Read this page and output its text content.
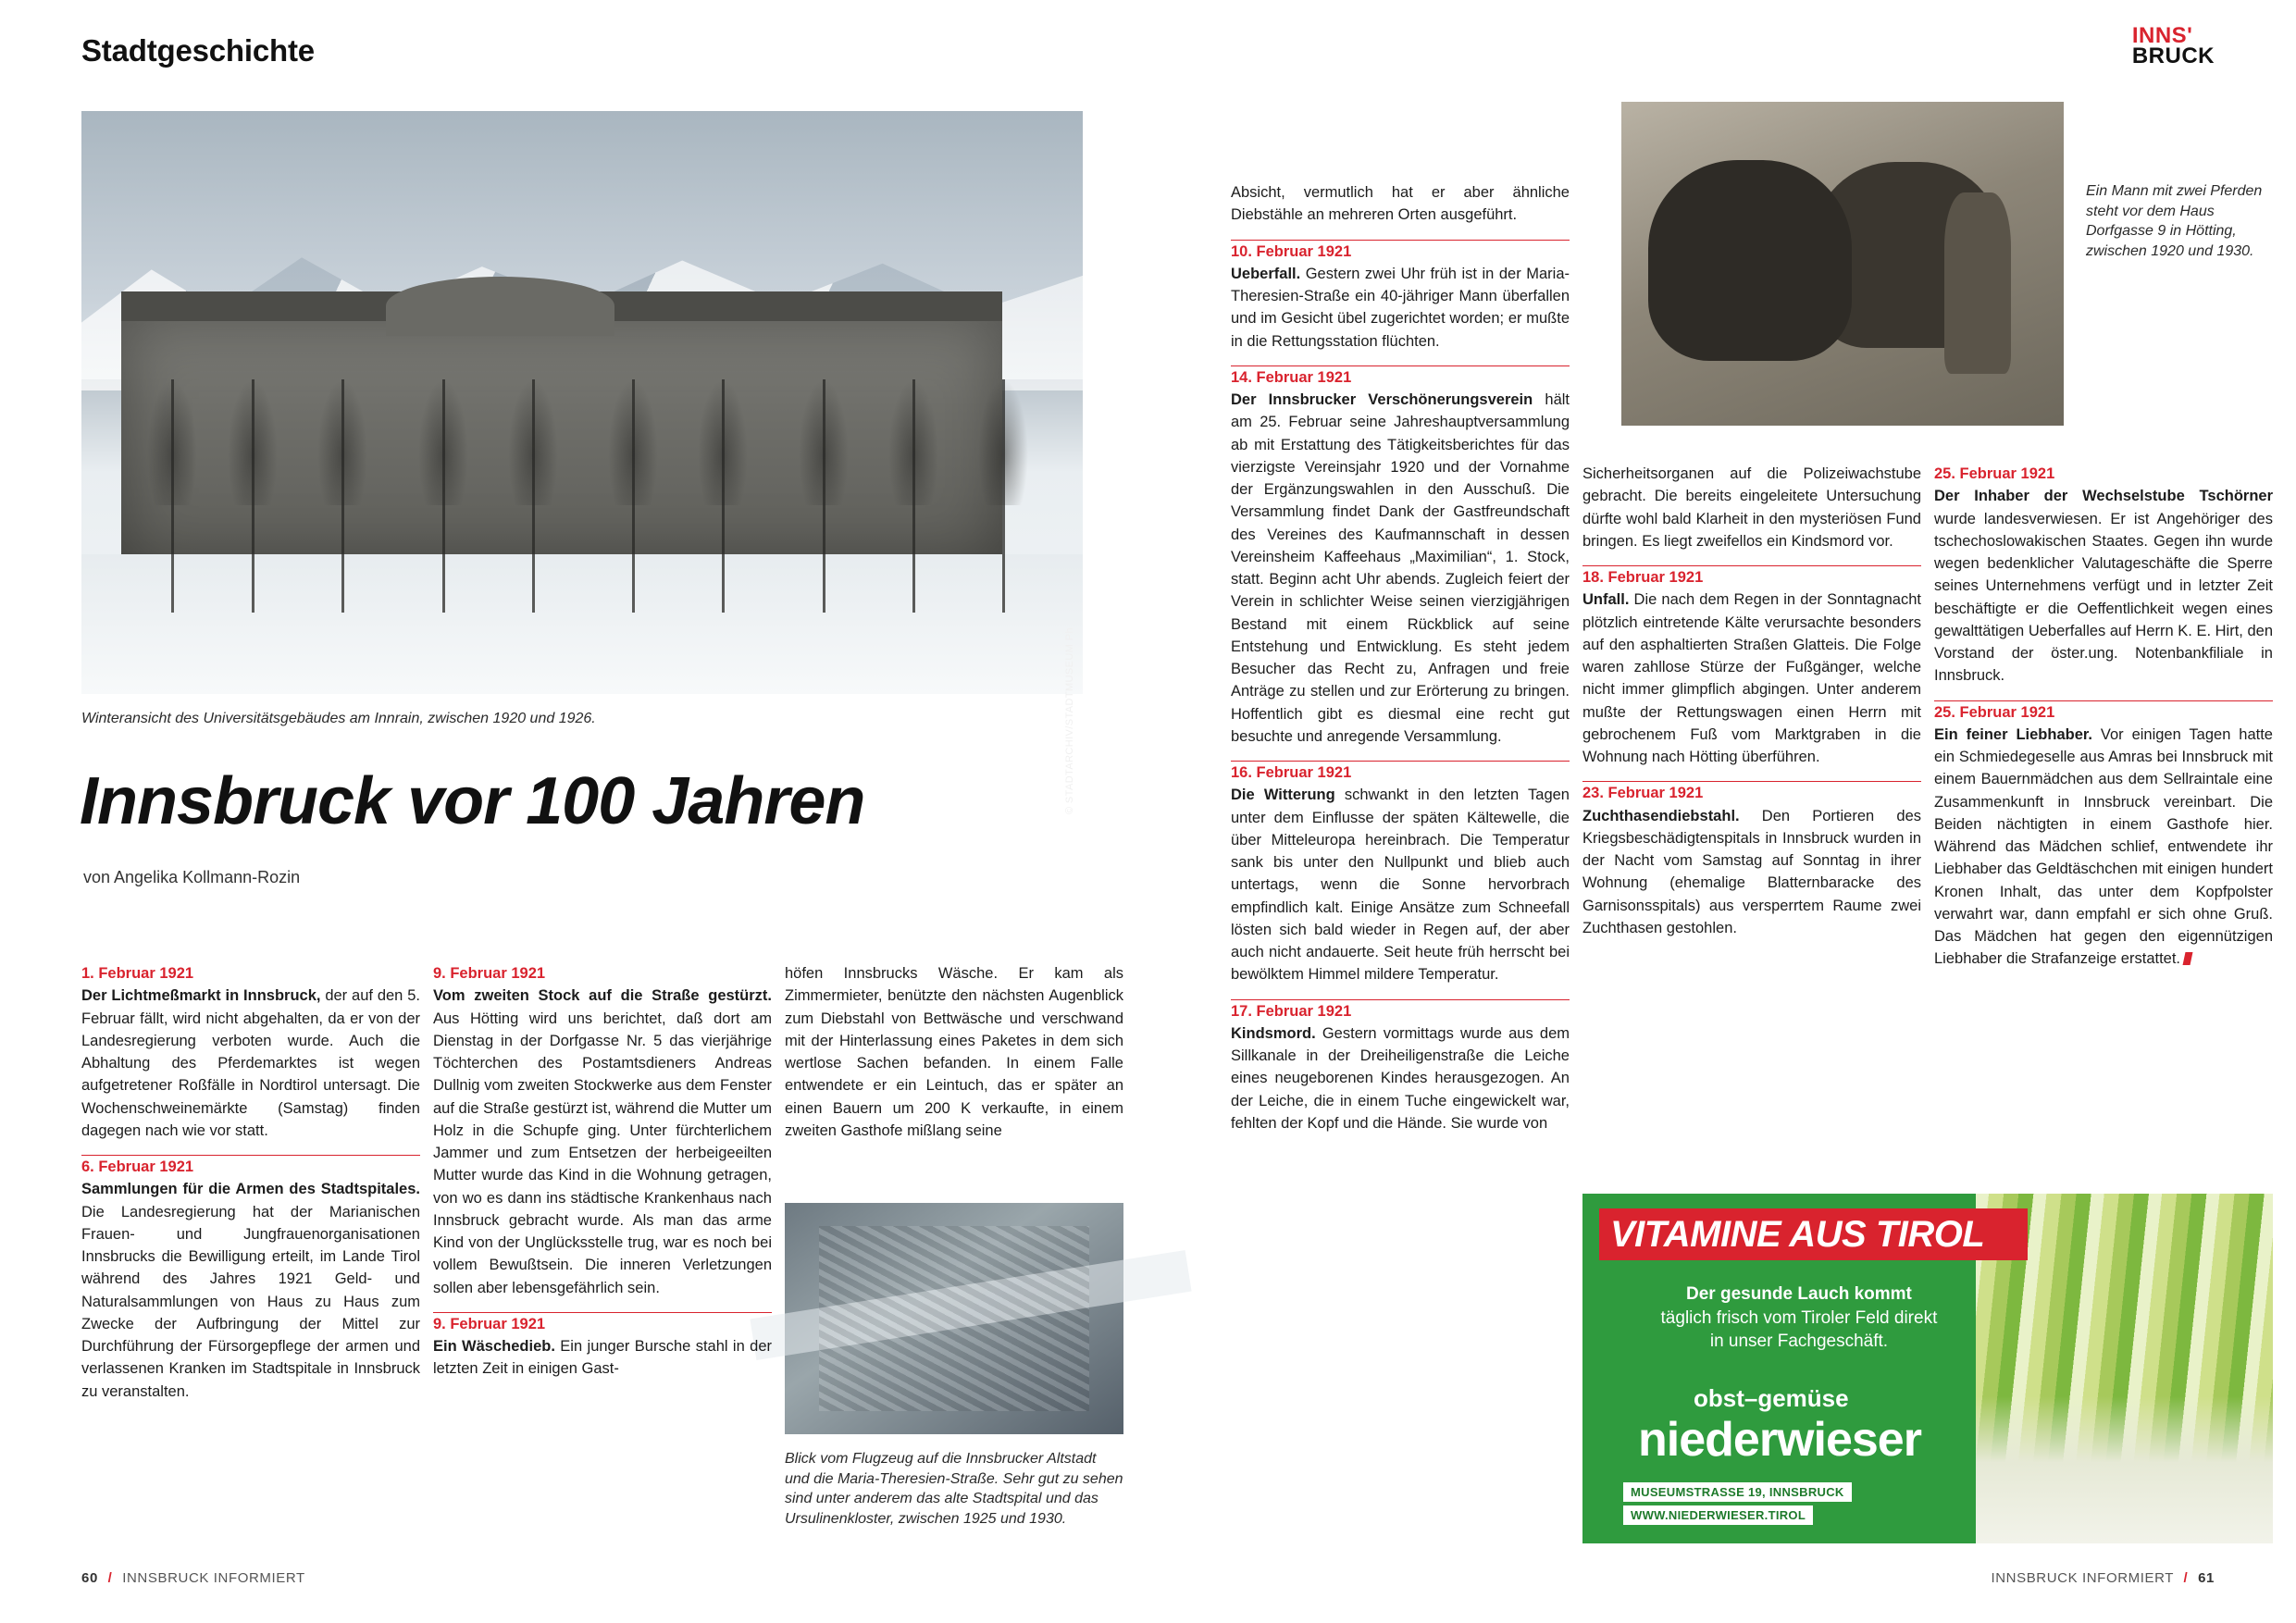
Stadtgeschichte	INNS'
BRUCK
© STADTARCHIV/STADTMUSEUM Ph
Winteransicht des Universitätsgebäudes am Innrain, zwischen 1920 und 1926.
Innsbruck vor 100 Jahren
von Angelika Kollmann-Rozin
Ein Mann mit zwei Pferden steht vor dem Haus Dorfgasse 9 in Hötting, zwischen 1920 und 1930.
Blick vom Flugzeug auf die Innsbrucker Altstadt und die Maria-Theresien-Straße. Sehr gut zu sehen sind unter anderem das alte Stadtspital und das Ursulinenkloster, zwischen 1925 und 1930.

1. Februar 1921

Der Lichtmeßmarkt in Innsbruck, der auf den 5. Februar fällt, wird nicht abgehalten, da er von der Landesregierung verboten wurde. Auch die Abhaltung des Pferdemarktes ist wegen aufgetretener Roßfälle in Nordtirol untersagt. Die Wochenschweinemärkte (Samstag) finden dagegen nach wie vor statt.

6. Februar 1921

Sammlungen für die Armen des Stadtspitales. Die Landesregierung hat der Marianischen Frauen- und Jungfrauenorganisationen Innsbrucks die Bewilligung erteilt, im Lande Tirol während des Jahres 1921 Geld- und Naturalsammlungen von Haus zu Haus zum Zwecke der Aufbringung der Mittel zur Durchführung der Fürsorgepflege der armen und verlassenen Kranken im Stadtspitale in Innsbruck zu veranstalten.

9. Februar 1921

Vom zweiten Stock auf die Straße gestürzt. Aus Hötting wird uns berichtet, daß dort am Dienstag in der Dorfgasse Nr. 5 das vierjährige Töchterchen des Postamtsdieners Andreas Dullnig vom zweiten Stockwerke aus dem Fenster auf die Straße gestürzt ist, während die Mutter um Holz in die Schupfe ging. Unter fürchterlichem Jammer und zum Entsetzen der herbeigeeilten Mutter wurde das Kind in die Wohnung getragen, von wo es dann ins städtische Krankenhaus nach Innsbruck gebracht wurde. Als man das arme Kind von der Unglücksstelle trug, war es noch bei vollem Bewußtsein. Die inneren Verletzungen sollen aber lebensgefährlich sein.

9. Februar 1921

Ein Wäschedieb. Ein junger Bursche stahl in der letzten Zeit in einigen Gast-

höfen Innsbrucks Wäsche. Er kam als Zimmermieter, benützte den nächsten Augenblick zum Diebstahl von Bettwäsche und verschwand mit der Hinterlassung eines Paketes in dem sich wertlose Sachen befanden. In einem Falle entwendete er ein Leintuch, das er später an einen Bauern um 200 K verkaufte, in einem zweiten Gasthofe mißlang seine

Absicht, vermutlich hat er aber ähnliche Diebstähle an mehreren Orten ausgeführt.

10. Februar 1921

Ueberfall. Gestern zwei Uhr früh ist in der Maria-Theresien-Straße ein 40-jähriger Mann überfallen und im Gesicht übel zugerichtet worden; er mußte in die Rettungsstation flüchten.

14. Februar 1921

Der Innsbrucker Verschönerungsverein hält am 25. Februar seine Jahreshauptversammlung ab mit Erstattung des Tätigkeitsberichtes für das vierzigste Vereinsjahr 1920 und der Vornahme der Ergänzungswahlen in den Ausschuß. Die Versammlung findet Dank der Gastfreundschaft des Vereines des Kaufmannschaft in dessen Vereinsheim Kaffeehaus „Maximilian“, 1. Stock, statt. Beginn acht Uhr abends. Zugleich feiert der Verein in schlichter Weise seinen vierzigjährigen Bestand mit einem Rückblick auf seine Entstehung und Entwicklung. Es steht jedem Besucher das Recht zu, Anfragen und freie Anträge zu stellen und zur Erörterung zu bringen. Hoffentlich gibt es diesmal eine recht gut besuchte und anregende Versammlung.

16. Februar 1921

Die Witterung schwankt in den letzten Tagen unter dem Einflusse der späten Kältewelle, die über Mitteleuropa hereinbrach. Die Temperatur sank bis unter den Nullpunkt und blieb auch untertags, wenn die Sonne hervorbrach empfindlich kalt. Einige Ansätze zum Schneefall lösten sich bald wieder in Regen auf, der aber auch nicht andauerte. Seit heute früh herrscht bei bewölktem Himmel mildere Temperatur.

17. Februar 1921

Kindsmord. Gestern vormittags wurde aus dem Sillkanale in der Dreiheiligenstraße die Leiche eines neugeborenen Kindes herausgezogen. An der Leiche, die in einem Tuche eingewickelt war, fehlten der Kopf und die Hände. Sie wurde von

Sicherheitsorganen auf die Polizeiwachstube gebracht. Die bereits eingeleitete Untersuchung dürfte wohl bald Klarheit in den mysteriösen Fund bringen. Es liegt zweifellos ein Kindsmord vor.

18. Februar 1921

Unfall. Die nach dem Regen in der Sonntagnacht plötzlich eintretende Kälte verursachte besonders auf den asphaltierten Straßen Glatteis. Die Folge waren zahllose Stürze der Fußgänger, welche nicht immer glimpflich abgingen. Unter anderem mußte der Rettungswagen einen Herrn mit gebrochenem Fuß vom Marktgraben in die Wohnung nach Hötting überführen.

23. Februar 1921

Zuchthasendiebstahl. Den Portieren des Kriegsbeschädigtenspitals in Innsbruck wurden in der Nacht vom Samstag auf Sonntag in ihrer Wohnung (ehemalige Blatternbaracke des Garnisonsspitals) aus versperrtem Raume zwei Zuchthasen gestohlen.

25. Februar 1921

Der Inhaber der Wechselstube Tschörner wurde landesverwiesen. Er ist Angehöriger des tschechoslowakischen Staates. Gegen ihn wurde wegen bedenklicher Valutageschäfte die Sperre seines Unternehmens verfügt und in letzter Zeit beschäftigte er die Oeffentlichkeit wegen eines gewalttätigen Ueberfalles auf Herrn K. E. Hirt, den Vorstand der öster.ung. Notenbankfiliale in Innsbruck.

25. Februar 1921

Ein feiner Liebhaber. Vor einigen Tagen hatte ein Schmiedegeselle aus Amras bei Innsbruck mit einem Bauernmädchen aus dem Sellraintale eine Zusammenkunft in Innsbruck vereinbart. Die Beiden nächtigten in einem Gasthofe hier. Während das Mädchen schlief, entwendete ihr Liebhaber das Geldtäschchen mit einigen hundert Kronen Inhalt, das unter dem Kopfpolster verwahrt war, dann empfahl er sich ohne Gruß. Das Mädchen hat gegen den eigennützigen Liebhaber die Strafanzeige erstattet.

VITAMINE AUS TIROL
Der gesunde Lauch kommt
täglich frisch vom Tiroler Feld direkt
in unser Fachgeschäft.
obst–gemüse
niederwieser
MUSEUMSTRASSE 19, INNSBRUCK
WWW.NIEDERWIESER.TIROL
60 / INNSBRUCK INFORMIERT	INNSBRUCK INFORMIERT / 61
